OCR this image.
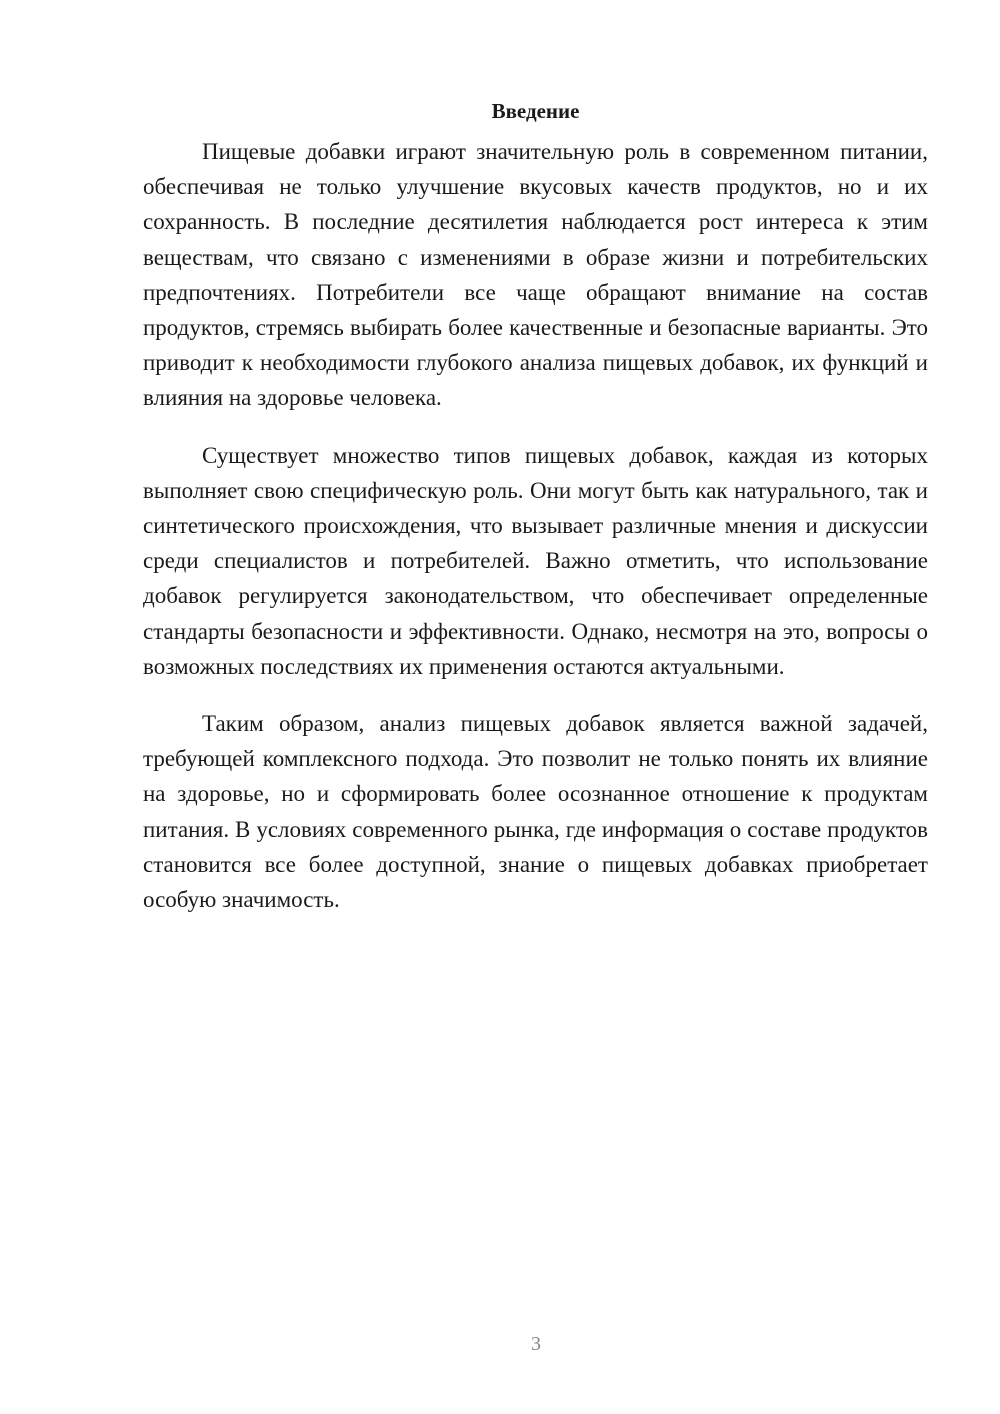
Введение

Пищевые добавки играют значительную роль в современном питании, обеспечивая не только улучшение вкусовых качеств продуктов, но и их сохранность. В последние десятилетия наблюдается рост интереса к этим веществам, что связано с изменениями в образе жизни и потребительских предпочтениях. Потребители все чаще обращают внимание на состав продуктов, стремясь выбирать более качественные и безопасные варианты. Это приводит к необходимости глубокого анализа пищевых добавок, их функций и влияния на здоровье человека.

Существует множество типов пищевых добавок, каждая из которых выполняет свою специфическую роль. Они могут быть как натурального, так и синтетического происхождения, что вызывает различные мнения и дискуссии среди специалистов и потребителей. Важно отметить, что использование добавок регулируется законодательством, что обеспечивает определенные стандарты безопасности и эффективности. Однако, несмотря на это, вопросы о возможных последствиях их применения остаются актуальными.

Таким образом, анализ пищевых добавок является важной задачей, требующей комплексного подхода. Это позволит не только понять их влияние на здоровье, но и сформировать более осознанное отношение к продуктам питания. В условиях современного рынка, где информация о составе продуктов становится все более доступной, знание о пищевых добавках приобретает особую значимость.

3
